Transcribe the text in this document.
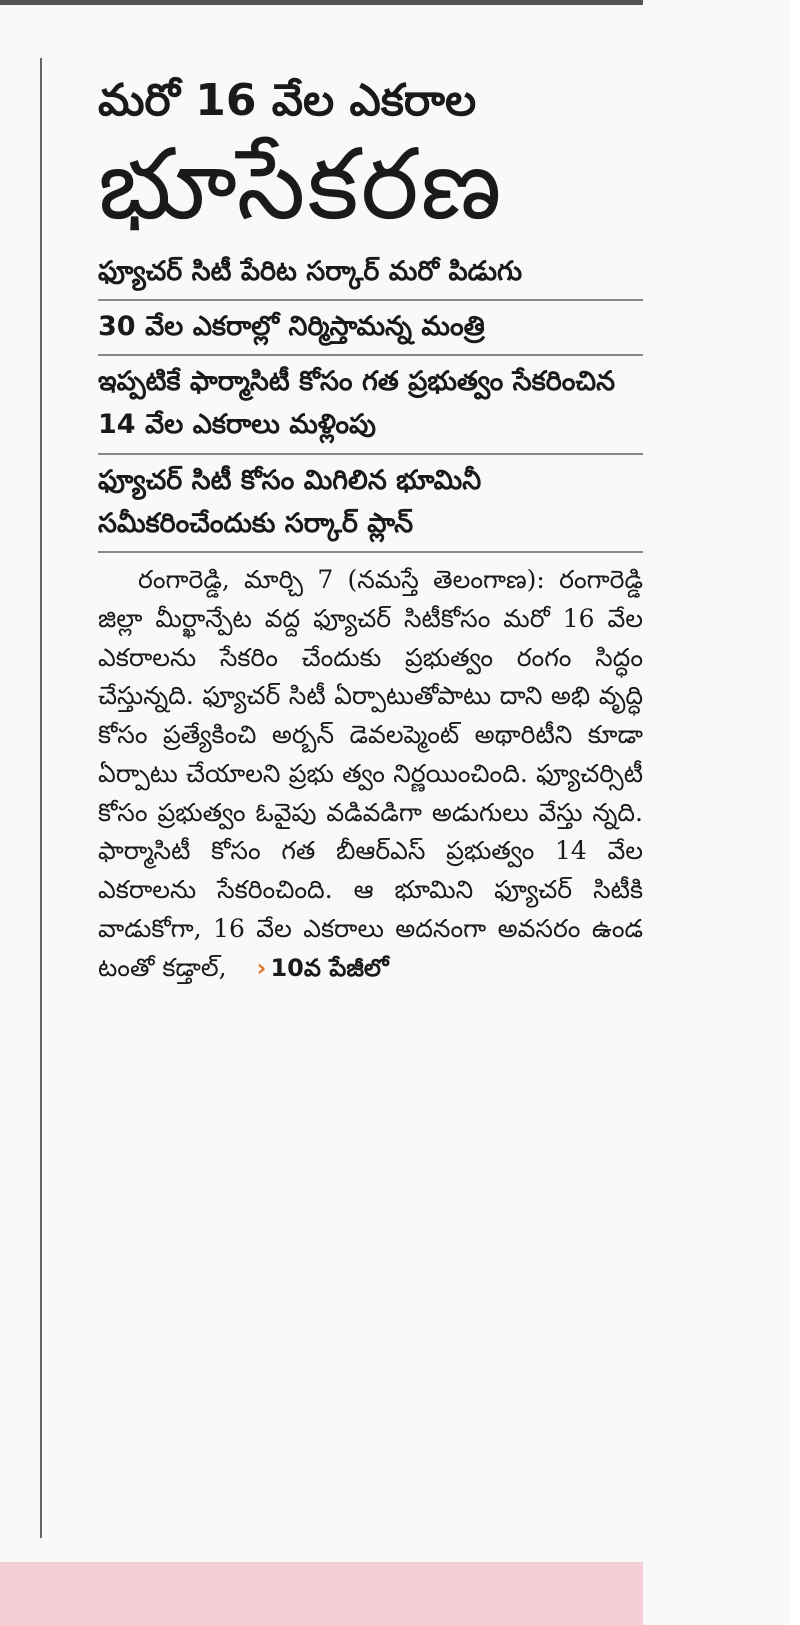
మరో 16 వేల ఎకరాల
భూసేకరణ
ఫ్యూచర్ సిటీ పేరిట సర్కార్ మరో పిడుగు
30 వేల ఎకరాల్లో నిర్మిస్తామన్న మంత్రి
ఇప్పటికే ఫార్మాసిటీ కోసం గత ప్రభుత్వం సేకరించిన 14 వేల ఎకరాలు మళ్లింపు
ఫ్యూచర్ సిటీ కోసం మిగిలిన భూమినీ సమీకరించేందుకు సర్కార్ ప్లాన్
రంగారెడ్డి, మార్చి 7 (నమస్తే తెలంగాణ): రంగారెడ్డి జిల్లా మీర్ఖాన్పేట వద్ద ఫ్యూచర్ సిటీకోసం మరో 16 వేల ఎకరాలను సేకరిం చేందుకు ప్రభుత్వం రంగం సిద్ధం చేస్తున్నది. ఫ్యూచర్ సిటీ ఏర్పాటుతోపాటు దాని అభి వృద్ధి కోసం ప్రత్యేకించి అర్బన్ డెవలప్మెంట్ అథారిటీని కూడా ఏర్పాటు చేయాలని ప్రభు త్వం నిర్ణయించింది. ఫ్యూచర్సిటీ కోసం ప్రభుత్వం ఓవైపు వడివడిగా అడుగులు వేస్తు న్నది. ఫార్మాసిటీ కోసం గత బీఆర్ఎస్ ప్రభుత్వం 14 వేల ఎకరాలను సేకరించింది. ఆ భూమిని ఫ్యూచర్ సిటీకి వాడుకోగా, 16 వేల ఎకరాలు అదనంగా అవసరం ఉండ టంతో కడ్తాల్, › 10వ పేజీలో
